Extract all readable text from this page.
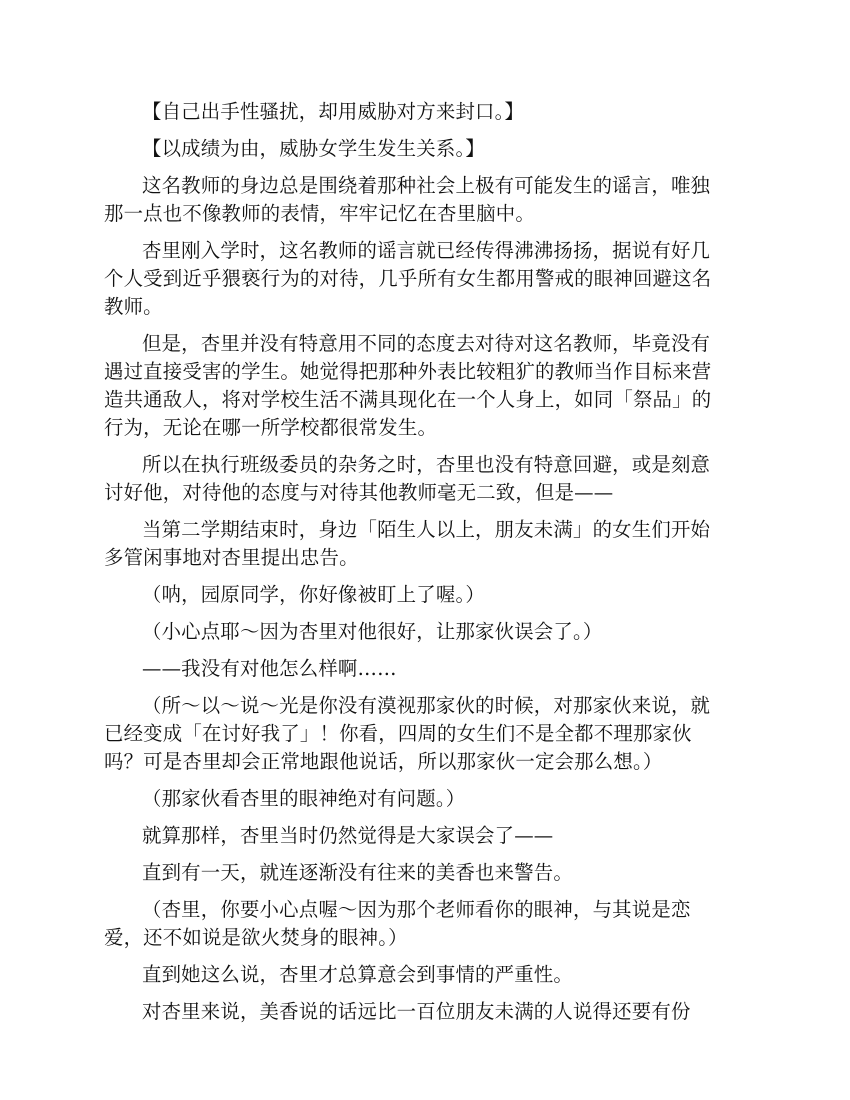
【自己出手性骚扰，却用威胁对方来封口。】

【以成绩为由，威胁女学生发生关系。】

这名教师的身边总是围绕着那种社会上极有可能发生的谣言，唯独
那一点也不像教师的表情，牢牢记忆在杏里脑中。

杏里刚入学时，这名教师的谣言就已经传得沸沸扬扬，据说有好几
个人受到近乎猥亵行为的对待，几乎所有女生都用警戒的眼神回避这名
教师。

但是，杏里并没有特意用不同的态度去对待对这名教师，毕竟没有
遇过直接受害的学生。她觉得把那种外表比较粗犷的教师当作目标来营
造共通敌人，将对学校生活不满具现化在一个人身上，如同「祭品」的
行为，无论在哪一所学校都很常发生。

所以在执行班级委员的杂务之时，杏里也没有特意回避，或是刻意
讨好他，对待他的态度与对待其他教师毫无二致，但是——

当第二学期结束时，身边「陌生人以上，朋友未满」的女生们开始
多管闲事地对杏里提出忠告。

（呐，园原同学，你好像被盯上了喔。）

（小心点耶～因为杏里对他很好，让那家伙误会了。）

——我没有对他怎么样啊……

（所～以～说～光是你没有漠视那家伙的时候，对那家伙来说，就
已经变成「在讨好我了」！你看，四周的女生们不是全都不理那家伙
吗？可是杏里却会正常地跟他说话，所以那家伙一定会那么想。）

（那家伙看杏里的眼神绝对有问题。）

就算那样，杏里当时仍然觉得是大家误会了——

直到有一天，就连逐渐没有往来的美香也来警告。

（杏里，你要小心点喔～因为那个老师看你的眼神，与其说是恋
爱，还不如说是欲火焚身的眼神。）

直到她这么说，杏里才总算意会到事情的严重性。

对杏里来说，美香说的话远比一百位朋友未满的人说得还要有份
